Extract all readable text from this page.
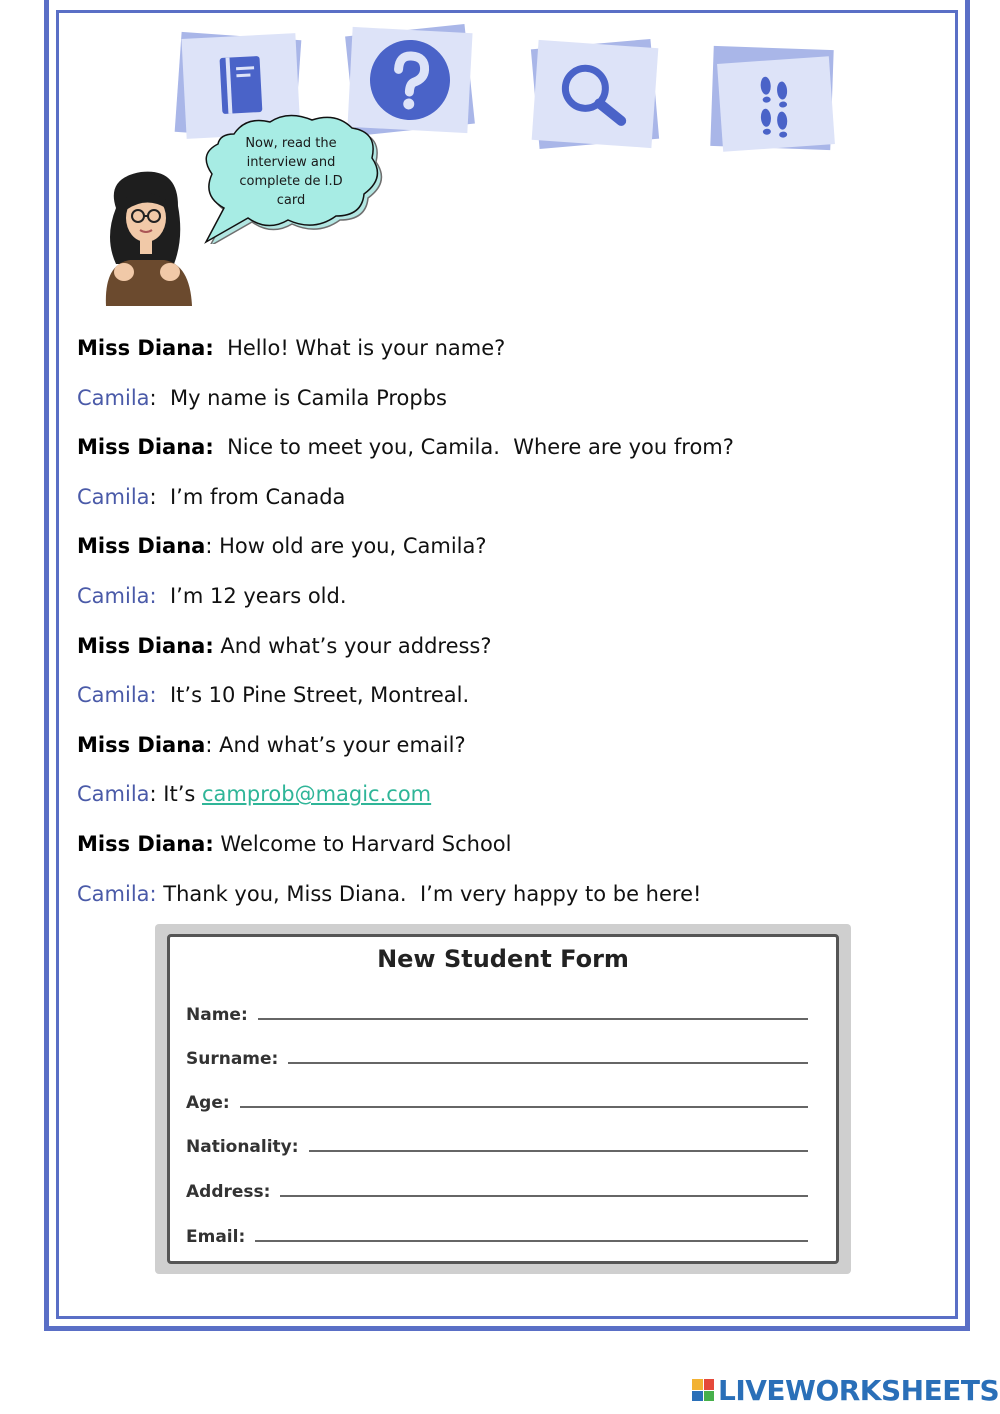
Now, read the interview and complete de I.D card
Miss Diana:  Hello! What is your name?
Camila:  My name is Camila Propbs
Miss Diana:  Nice to meet you, Camila.  Where are you from?
Camila:  I’m from Canada
Miss Diana: How old are you, Camila?
Camila:  I’m 12 years old.
Miss Diana: And what’s your address?
Camila:  It’s 10 Pine Street, Montreal.
Miss Diana: And what’s your email?
Camila: It’s camprob@magic.com
Miss Diana: Welcome to Harvard School
Camila: Thank you, Miss Diana.  I’m very happy to be here!
New Student Form
Name:
Surname:
Age:
Nationality:
Address:
Email:
LIVEWORKSHEETS
